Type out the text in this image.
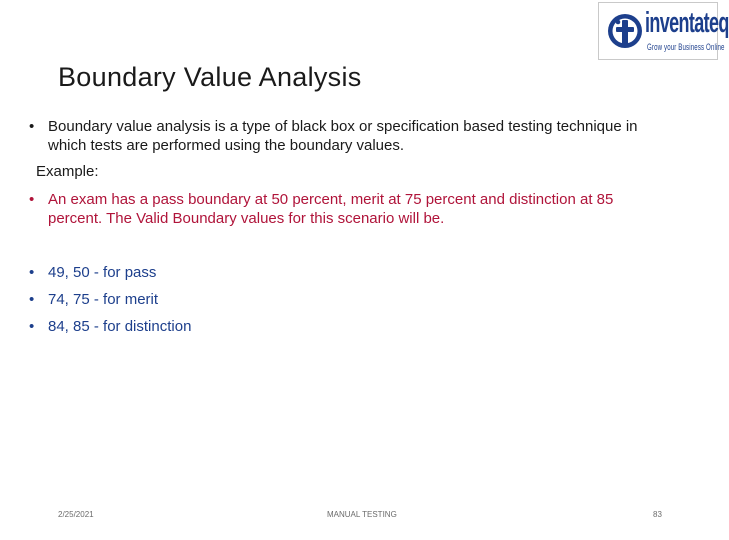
inventateq
Grow your Business Online
Boundary Value Analysis
• Boundary value analysis is a type of black box or specification based testing technique in
which tests are performed using the boundary values.
Example:
• An exam has a pass boundary at 50 percent, merit at 75 percent and distinction at 85
percent. The Valid Boundary values for this scenario will be.
• 49, 50 - for pass
• 74, 75 - for merit
• 84, 85 - for distinction
2/25/2021	MANUAL TESTING	83
